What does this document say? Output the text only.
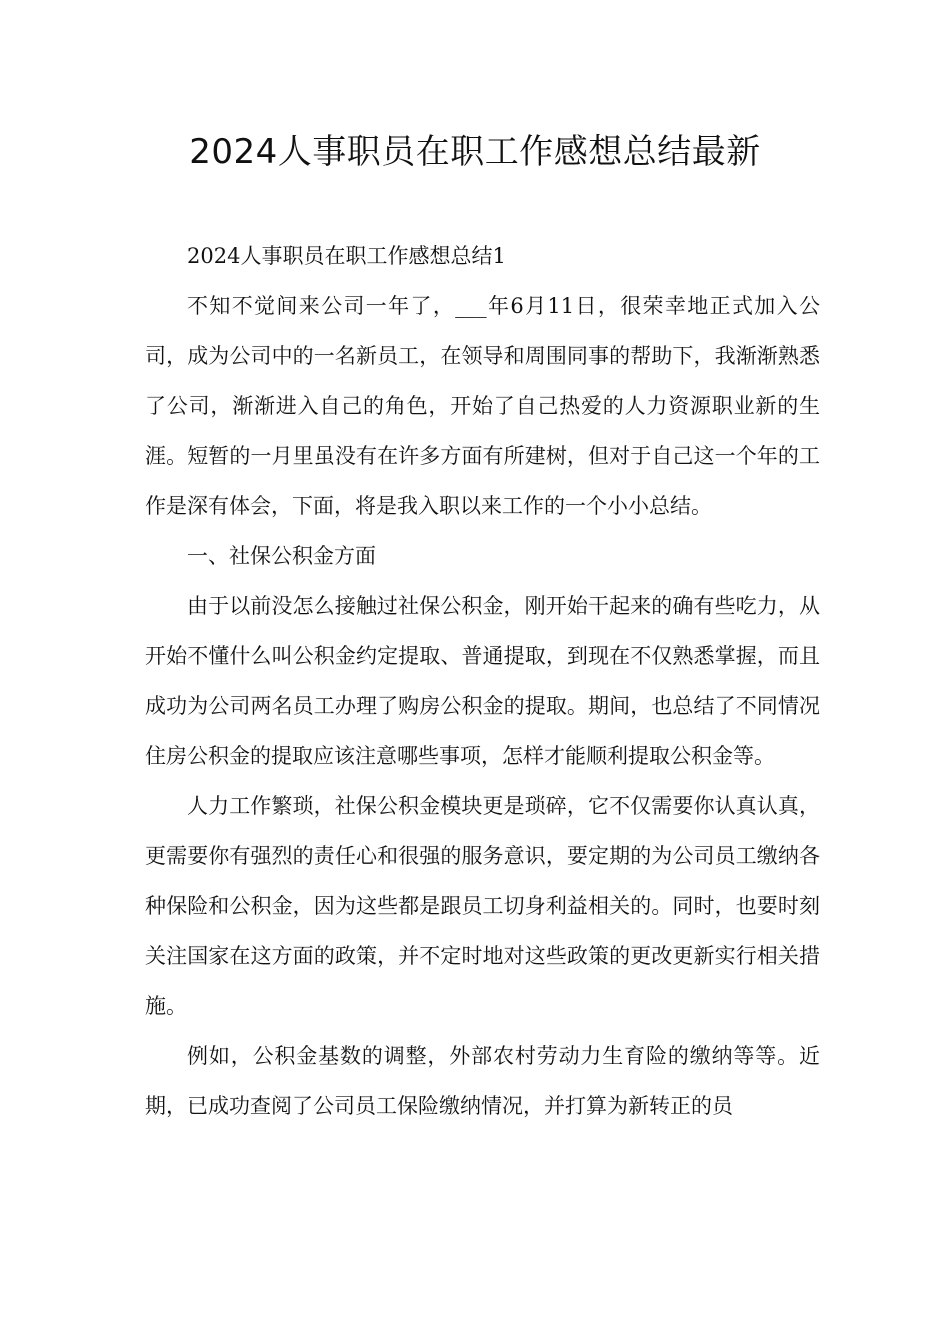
2024人事职员在职工作感想总结最新

2024人事职员在职工作感想总结1

不知不觉间来公司一年了，___年6月11日，很荣幸地正式加入公司，成为公司中的一名新员工，在领导和周围同事的帮助下，我渐渐熟悉了公司，渐渐进入自己的角色，开始了自己热爱的人力资源职业新的生涯。短暂的一月里虽没有在许多方面有所建树，但对于自己这一个年的工作是深有体会，下面，将是我入职以来工作的一个小小总结。

一、社保公积金方面

由于以前没怎么接触过社保公积金，刚开始干起来的确有些吃力，从开始不懂什么叫公积金约定提取、普通提取，到现在不仅熟悉掌握，而且成功为公司两名员工办理了购房公积金的提取。期间，也总结了不同情况住房公积金的提取应该注意哪些事项，怎样才能顺利提取公积金等。

人力工作繁琐，社保公积金模块更是琐碎，它不仅需要你认真认真，更需要你有强烈的责任心和很强的服务意识，要定期的为公司员工缴纳各种保险和公积金，因为这些都是跟员工切身利益相关的。同时，也要时刻关注国家在这方面的政策，并不定时地对这些政策的更改更新实行相关措施。

例如，公积金基数的调整，外部农村劳动力生育险的缴纳等等。近期，已成功查阅了公司员工保险缴纳情况，并打算为新转正的员
